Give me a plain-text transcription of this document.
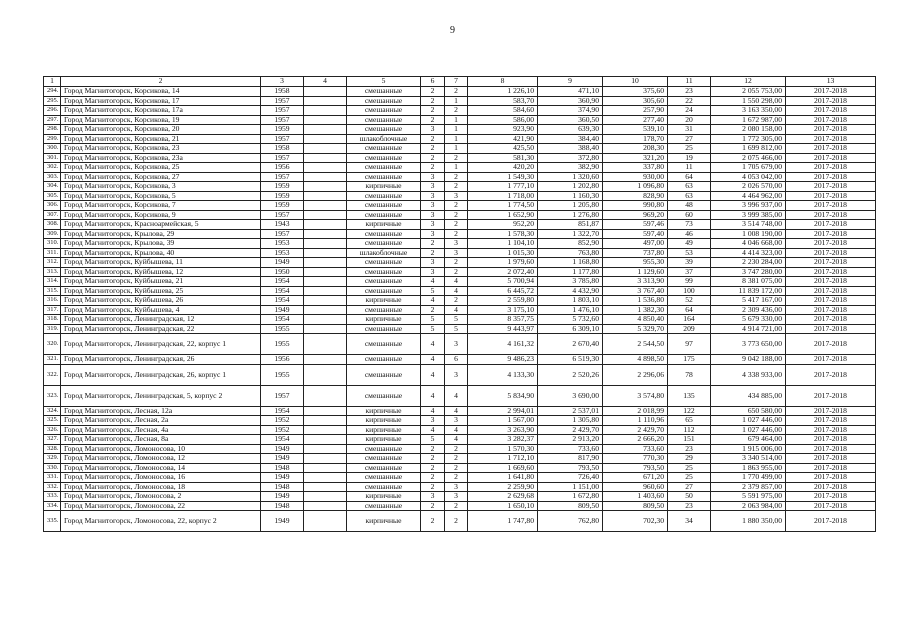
9
1	2	3	4	5	6	7	8	9	10	11	12	13
294.	Город Магнитогорск, Корсикова, 14	1958		смешанные	2	2	1 226,10	471,10	375,60	23	2 055 753,00	2017-2018
295.	Город Магнитогорск, Корсикова, 17	1957		смешанные	2	1	583,70	360,90	305,60	22	1 550 298,00	2017-2018
296.	Город Магнитогорск, Корсикова, 17а	1957		смешанные	2	2	584,60	374,90	257,90	24	3 163 350,00	2017-2018
297.	Город Магнитогорск, Корсикова, 19	1957		смешанные	2	1	586,00	360,50	277,40	20	1 672 987,00	2017-2018
298.	Город Магнитогорск, Корсикова, 20	1959		смешанные	3	1	923,90	639,30	539,10	31	2 080 158,00	2017-2018
299.	Город Магнитогорск, Корсикова, 21	1957		шлакоблочные	2	1	421,90	384,40	178,70	27	1 772 305,00	2017-2018
300.	Город Магнитогорск, Корсикова, 23	1958		смешанные	2	1	425,50	388,40	208,30	25	1 699 812,00	2017-2018
301.	Город Магнитогорск, Корсикова, 23а	1957		смешанные	2	2	581,30	372,80	321,20	19	2 075 466,00	2017-2018
302.	Город Магнитогорск, Корсикова, 25	1956		смешанные	2	1	420,20	382,90	337,80	11	1 705 679,00	2017-2018
303.	Город Магнитогорск, Корсикова, 27	1957		смешанные	3	2	1 549,30	1 320,60	930,00	64	4 053 042,00	2017-2018
304.	Город Магнитогорск, Корсикова, 3	1959		кирпичные	3	2	1 777,10	1 202,80	1 096,80	63	2 026 570,00	2017-2018
305.	Город Магнитогорск, Корсикова, 5	1959		смешанные	3	3	1 718,00	1 160,30	828,90	63	4 464 962,00	2017-2018
306.	Город Магнитогорск, Корсикова, 7	1959		смешанные	3	2	1 774,50	1 205,80	990,80	48	3 996 937,00	2017-2018
307.	Город Магнитогорск, Корсикова, 9	1957		смешанные	3	2	1 652,90	1 276,80	969,20	60	3 999 385,00	2017-2018
308.	Город Магнитогорск, Красноармейская, 5	1943		кирпичные	3	2	952,20	851,87	597,46	73	3 514 748,00	2017-2018
309.	Город Магнитогорск, Крылова, 29	1957		смешанные	3	2	1 578,30	1 322,70	597,40	46	1 008 190,00	2017-2018
310.	Город Магнитогорск, Крылова, 39	1953		смешанные	2	3	1 104,10	852,90	497,00	49	4 046 668,00	2017-2018
311.	Город Магнитогорск, Крылова, 40	1953		шлакоблочные	2	3	1 015,30	763,80	737,80	53	4 414 323,00	2017-2018
312.	Город Магнитогорск, Куйбышева, 11	1949		смешанные	3	2	1 979,60	1 168,80	955,30	39	2 230 284,00	2017-2018
313.	Город Магнитогорск, Куйбышева, 12	1950		смешанные	3	2	2 072,40	1 177,80	1 129,60	37	3 747 280,00	2017-2018
314.	Город Магнитогорск, Куйбышева, 21	1954		смешанные	4	4	5 700,94	3 785,80	3 313,90	99	8 381 075,00	2017-2018
315.	Город Магнитогорск, Куйбышева, 25	1954		смешанные	5	4	6 445,72	4 432,90	3 767,40	100	11 839 172,00	2017-2018
316.	Город Магнитогорск, Куйбышева, 26	1954		кирпичные	4	2	2 559,80	1 803,10	1 536,80	52	5 417 167,00	2017-2018
317.	Город Магнитогорск, Куйбышева, 4	1949		смешанные	2	4	3 175,10	1 476,10	1 382,30	64	2 309 436,00	2017-2018
318.	Город Магнитогорск, Ленинградская, 12	1954		кирпичные	5	5	8 357,75	5 732,60	4 850,40	164	5 679 330,00	2017-2018
319.	Город Магнитогорск, Ленинградская, 22	1955		смешанные	5	5	9 443,97	6 309,10	5 329,70	209	4 914 721,00	2017-2018
320.	Город Магнитогорск, Ленинградская, 22, корпус 1	1955		смешанные	4	3	4 161,32	2 670,40	2 544,50	97	3 773 650,00	2017-2018
321.	Город Магнитогорск, Ленинградская, 26	1956		смешанные	4	6	9 486,23	6 519,30	4 898,50	175	9 042 188,00	2017-2018
322.	Город Магнитогорск, Ленинградская, 26, корпус 1	1955		смешанные	4	3	4 133,30	2 520,26	2 296,06	78	4 338 933,00	2017-2018
323.	Город Магнитогорск, Ленинградская, 5, корпус 2	1957		смешанные	4	4	5 834,90	3 690,00	3 574,80	135	434 885,00	2017-2018
324.	Город Магнитогорск, Лесная, 12а	1954		кирпичные	4	4	2 994,01	2 537,01	2 018,99	122	650 580,00	2017-2018
325.	Город Магнитогорск, Лесная, 2а	1952		кирпичные	3	3	1 567,00	1 305,80	1 110,96	65	1 027 446,00	2017-2018
326.	Город Магнитогорск, Лесная, 4а	1952		кирпичные	4	4	3 263,90	2 429,70	2 429,70	112	1 027 446,00	2017-2018
327.	Город Магнитогорск, Лесная, 8а	1954		кирпичные	5	4	3 282,37	2 913,20	2 666,20	151	679 464,00	2017-2018
328.	Город Магнитогорск, Ломоносова, 10	1949		смешанные	2	2	1 570,30	733,60	733,60	23	1 915 006,00	2017-2018
329.	Город Магнитогорск, Ломоносова, 12	1949		смешанные	2	2	1 712,10	817,90	770,30	29	3 340 514,00	2017-2018
330.	Город Магнитогорск, Ломоносова, 14	1948		смешанные	2	2	1 669,60	793,50	793,50	25	1 863 955,00	2017-2018
331.	Город Магнитогорск, Ломоносова, 16	1949		смешанные	2	2	1 641,80	726,40	671,20	25	1 770 499,00	2017-2018
332.	Город Магнитогорск, Ломоносова, 18	1948		смешанные	2	3	2 259,90	1 151,00	960,60	27	2 379 857,00	2017-2018
333.	Город Магнитогорск, Ломоносова, 2	1949		кирпичные	3	3	2 629,68	1 672,80	1 403,60	50	5 591 975,00	2017-2018
334.	Город Магнитогорск, Ломоносова, 22	1948		смешанные	2	2	1 650,10	809,50	809,50	23	2 063 984,00	2017-2018
335.	Город Магнитогорск, Ломоносова, 22, корпус 2	1949		кирпичные	2	2	1 747,80	762,80	702,30	34	1 880 350,00	2017-2018
